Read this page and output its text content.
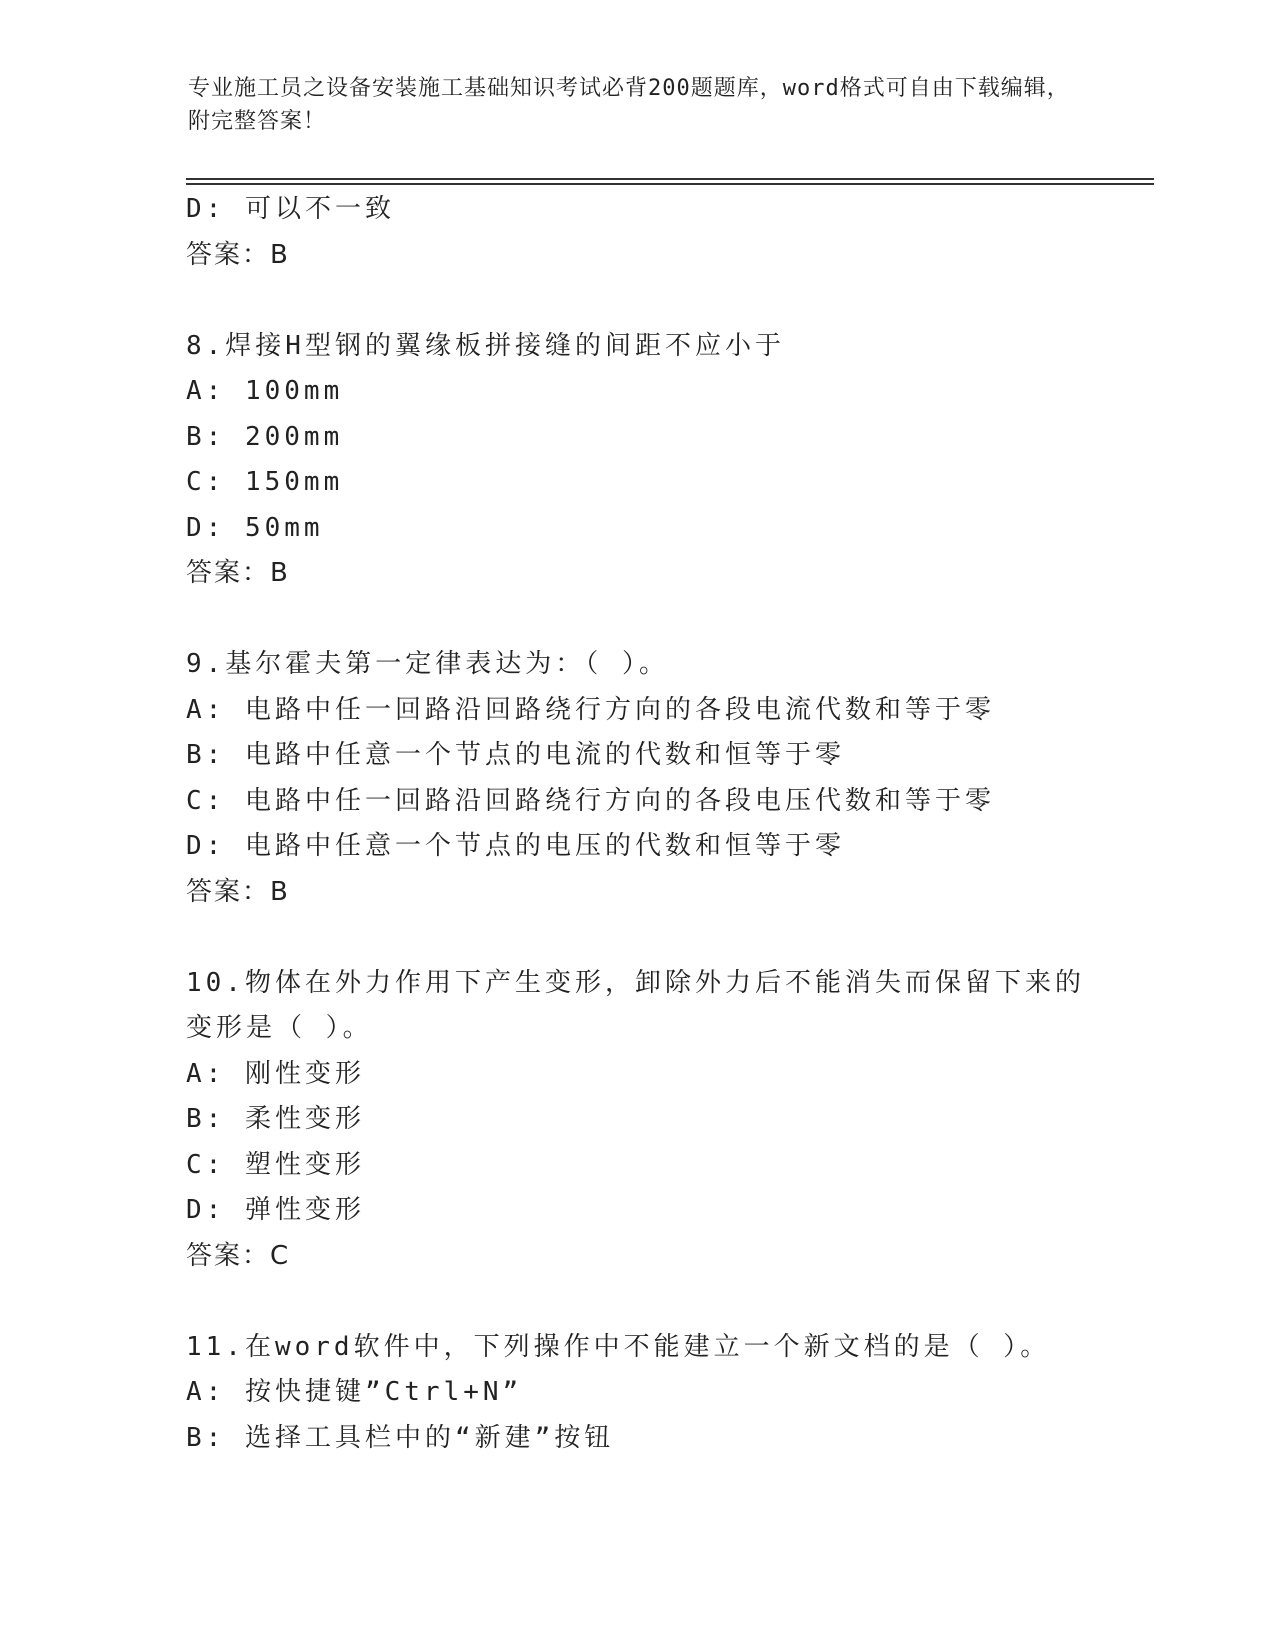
专业施工员之设备安装施工基础知识考试必背200题题库，word格式可自由下载编辑，附完整答案！
D: 可以不一致
答案：B
8.焊接H型钢的翼缘板拼接缝的间距不应小于
A: 100mm
B: 200mm
C: 150mm
D: 50mm
答案：B
9.基尔霍夫第一定律表达为：（ ）。
A: 电路中任一回路沿回路绕行方向的各段电流代数和等于零
B: 电路中任意一个节点的电流的代数和恒等于零
C: 电路中任一回路沿回路绕行方向的各段电压代数和等于零
D: 电路中任意一个节点的电压的代数和恒等于零
答案：B
10.物体在外力作用下产生变形，卸除外力后不能消失而保留下来的变形是（ ）。
A: 刚性变形
B: 柔性变形
C: 塑性变形
D: 弹性变形
答案：C
11.在word软件中，下列操作中不能建立一个新文档的是（ ）。
A: 按快捷键”Ctrl+N”
B: 选择工具栏中的“新建”按钮
